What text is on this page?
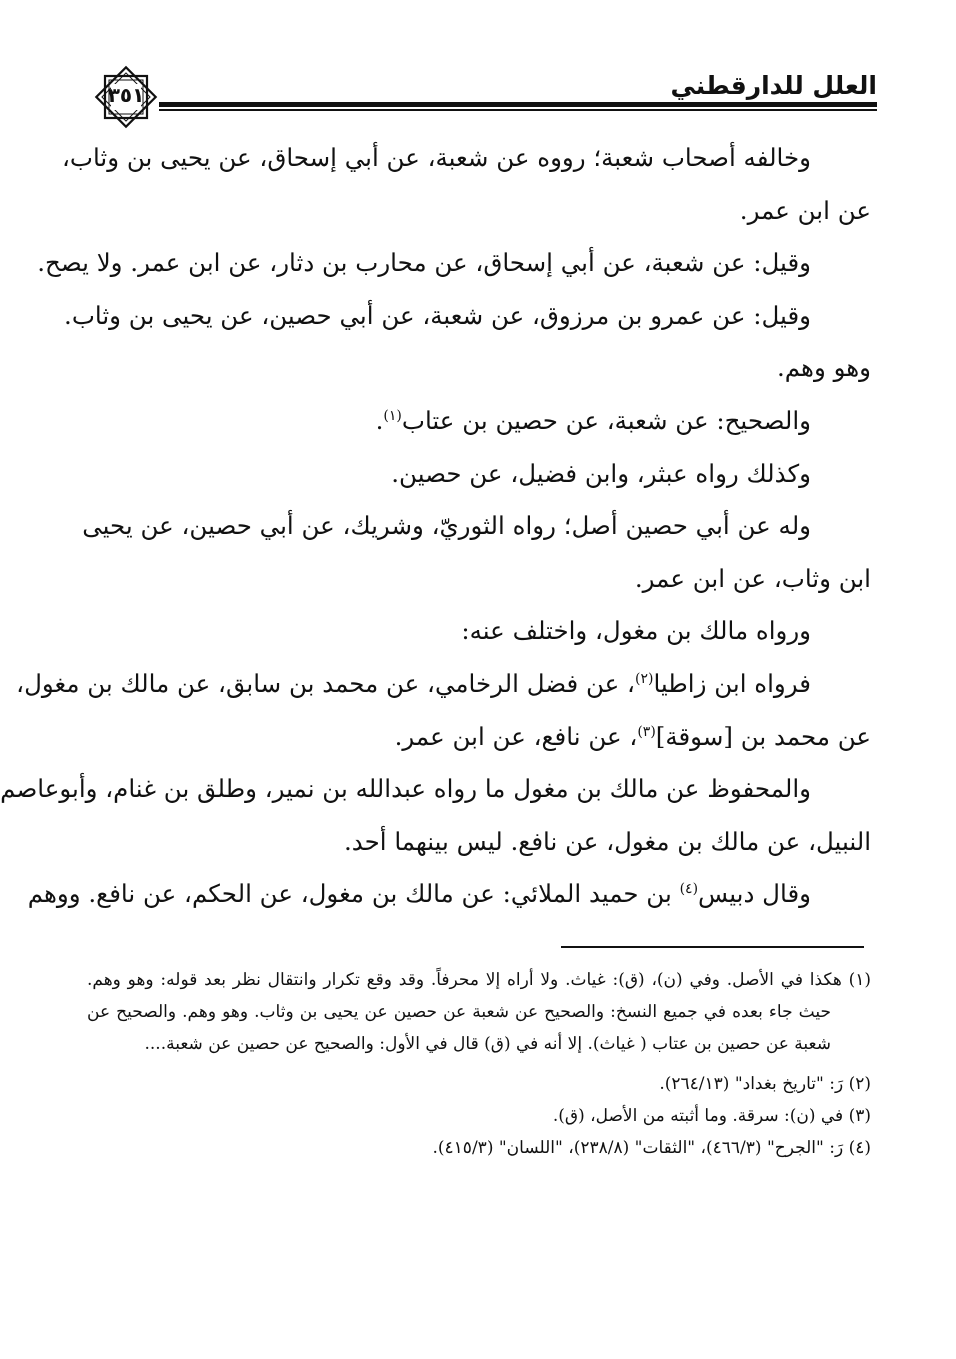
العلل للدارقطني
٣٥١
وخالفه أصحاب شعبة؛ رووه عن شعبة، عن أبي إسحاق، عن يحيى بن وثاب،
عن ابن عمر.
وقيل: عن شعبة، عن أبي إسحاق، عن محارب بن دثار، عن ابن عمر. ولا يصح.
وقيل: عن عمرو بن مرزوق، عن شعبة، عن أبي حصين، عن يحيى بن وثاب.
وهو وهم.
والصحيح: عن شعبة، عن حصين بن عتاب$^{(١)}$.
وكذلك رواه عبثر، وابن فضيل، عن حصين.
وله عن أبي حصين أصل؛ رواه الثوريّ، وشريك، عن أبي حصين، عن يحيى
ابن وثاب، عن ابن عمر.
ورواه مالك بن مغول، واختلف عنه:
فرواه ابن زاطيا$^{(٢)}$، عن فضل الرخامي، عن محمد بن سابق، عن مالك بن مغول،
عن محمد بن [سوقة]$^{(٣)}$، عن نافع، عن ابن عمر.
والمحفوظ عن مالك بن مغول ما رواه عبدالله بن نمير، وطلق بن غنام، وأبوعاصم
النبيل، عن مالك بن مغول، عن نافع. ليس بينهما أحد.
وقال دبيس$^{(٤)}$ بن حميد الملائي: عن مالك بن مغول، عن الحكم، عن نافع. ووهم
(١) هكذا في الأصل. وفي (ن)، (ق): غياث. ولا أراه إلا محرفاً. وقد وقع تكرار وانتقال نظر بعد قوله: وهو وهم.
حيث جاء بعده في جميع النسخ: والصحيح عن شعبة عن حصين عن يحيى بن وثاب. وهو وهم. والصحيح عن
شعبة عن حصين بن عتاب ( غياث). إلا أنه في (ق) قال في الأول: والصحيح عن حصين عن شعبة....
(٢) رَ: "تاريخ بغداد" (٢٦٤/١٣).
(٣) في (ن): سرقة. وما أثبته من الأصل، (ق).
(٤) رَ: "الجرح" (٤٦٦/٣)، "الثقات" (٢٣٨/٨)، "اللسان" (٤١٥/٣).
